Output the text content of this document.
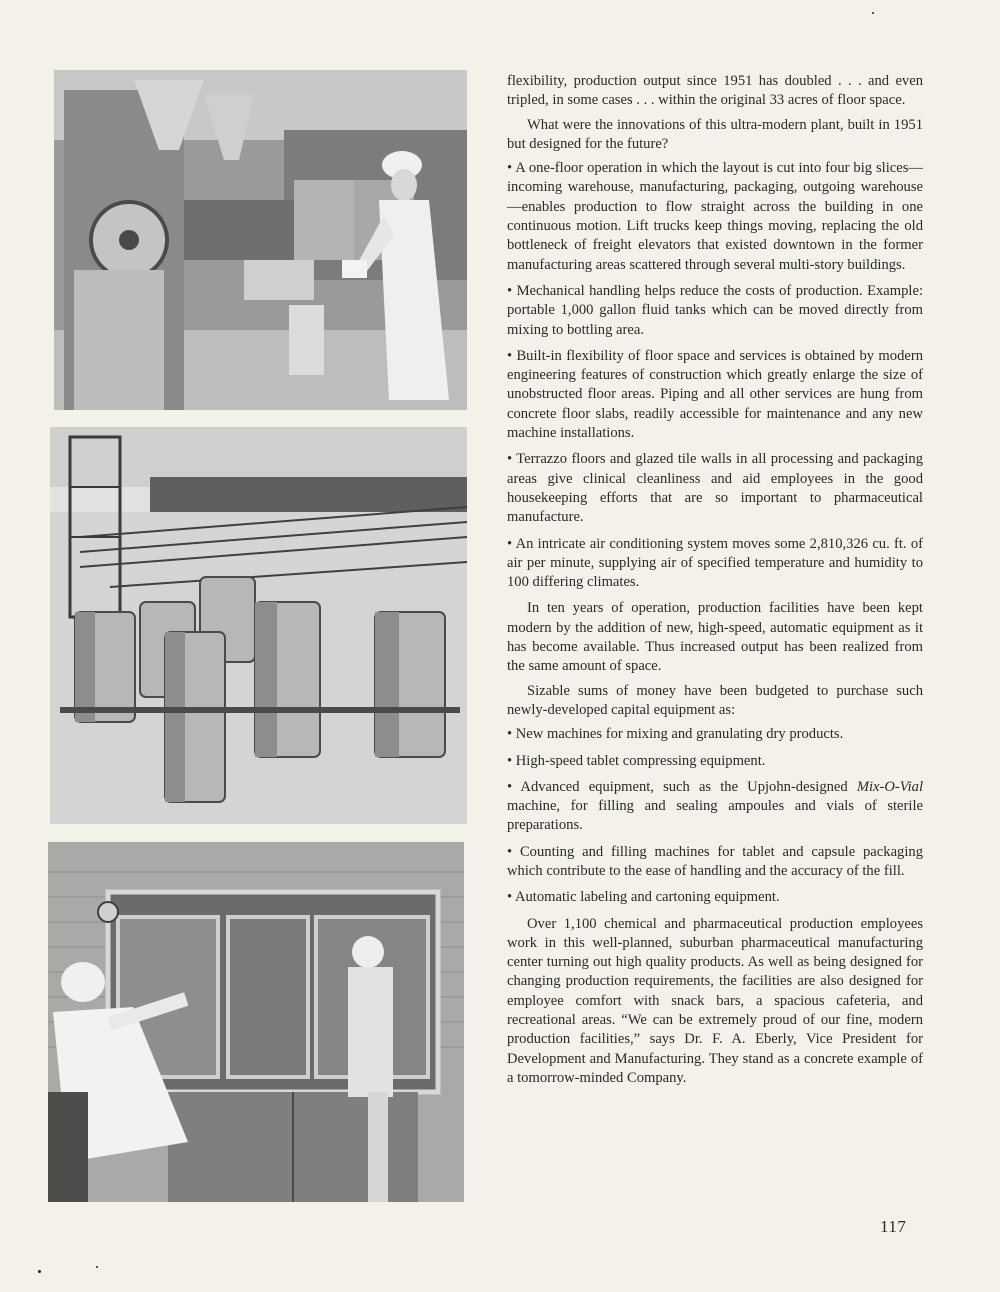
flexibility, production output since 1951 has doubled . . . and even tripled, in some cases . . . within the original 33 acres of floor space.

What were the innovations of this ultra-modern plant, built in 1951 but designed for the future?

• A one-floor operation in which the layout is cut into four big slices—incoming warehouse, manufacturing, packaging, outgoing warehouse—enables production to flow straight across the building in one continuous motion. Lift trucks keep things moving, replacing the old bottleneck of freight elevators that existed downtown in the former manufacturing areas scattered through several multi-story buildings.

• Mechanical handling helps reduce the costs of production. Example: portable 1,000 gallon fluid tanks which can be moved directly from mixing to bottling area.

• Built-in flexibility of floor space and services is obtained by modern engineering features of construction which greatly enlarge the size of unobstructed floor areas. Piping and all other services are hung from concrete floor slabs, readily accessible for maintenance and any new machine installations.

• Terrazzo floors and glazed tile walls in all processing and packaging areas give clinical cleanliness and aid employees in the good housekeeping efforts that are so important to pharmaceutical manufacture.

• An intricate air conditioning system moves some 2,810,326 cu. ft. of air per minute, supplying air of specified temperature and humidity to 100 differing climates.

In ten years of operation, production facilities have been kept modern by the addition of new, high-speed, automatic equipment as it has become available. Thus increased output has been realized from the same amount of space.

Sizable sums of money have been budgeted to purchase such newly-developed capital equipment as:

• New machines for mixing and granulating dry products.

• High-speed tablet compressing equipment.

• Advanced equipment, such as the Upjohn-designed Mix-O-Vial machine, for filling and sealing ampoules and vials of sterile preparations.

• Counting and filling machines for tablet and capsule packaging which contribute to the ease of handling and the accuracy of the fill.

• Automatic labeling and cartoning equipment.

Over 1,100 chemical and pharmaceutical production employees work in this well-planned, suburban pharmaceutical manufacturing center turning out high quality products. As well as being designed for changing production requirements, the facilities are also designed for employee comfort with snack bars, a spacious cafeteria, and recreational areas. “We can be extremely proud of our fine, modern production facilities,” says Dr. F. A. Eberly, Vice President for Development and Manufacturing. They stand as a concrete example of a tomorrow-minded Company.

117
